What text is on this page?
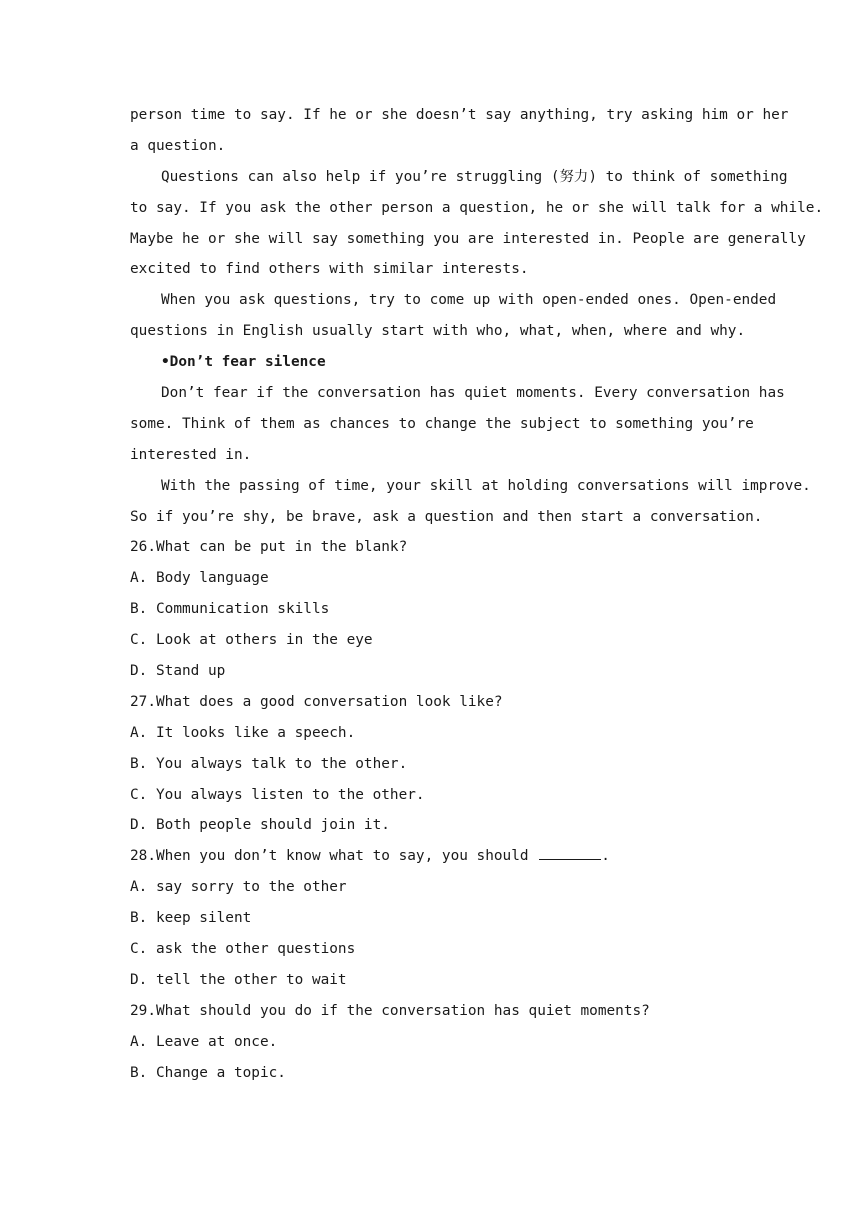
person time to say. If he or she doesn’t say anything, try asking him or her
a question.
Questions can also help if you’re struggling (努力) to think of something
to say. If you ask the other person a question, he or she will talk for a while.
Maybe he or she will say something you are interested in. People are generally
excited to find others with similar interests.
When you ask questions, try to come up with open-ended ones. Open-ended
questions in English usually start with who, what, when, where and why.
•Don’t fear silence
Don’t fear if the conversation has quiet moments. Every conversation has
some. Think of them as chances to change the subject to something you’re
interested in.
With the passing of time, your skill at holding conversations will improve.
So if you’re shy, be brave, ask a question and then start a conversation.
26.What can be put in the blank?
A. Body language
B. Communication skills
C. Look at others in the eye
D. Stand up
27.What does a good conversation look like?
A. It looks like a speech.
B. You always talk to the other.
C. You always listen to the other.
D. Both people should join it.
28.When you don’t know what to say, you should	.
A. say sorry to the other
B. keep silent
C. ask the other questions
D. tell the other to wait
29.What should you do if the conversation has quiet moments?
A. Leave at once.
B. Change a topic.
